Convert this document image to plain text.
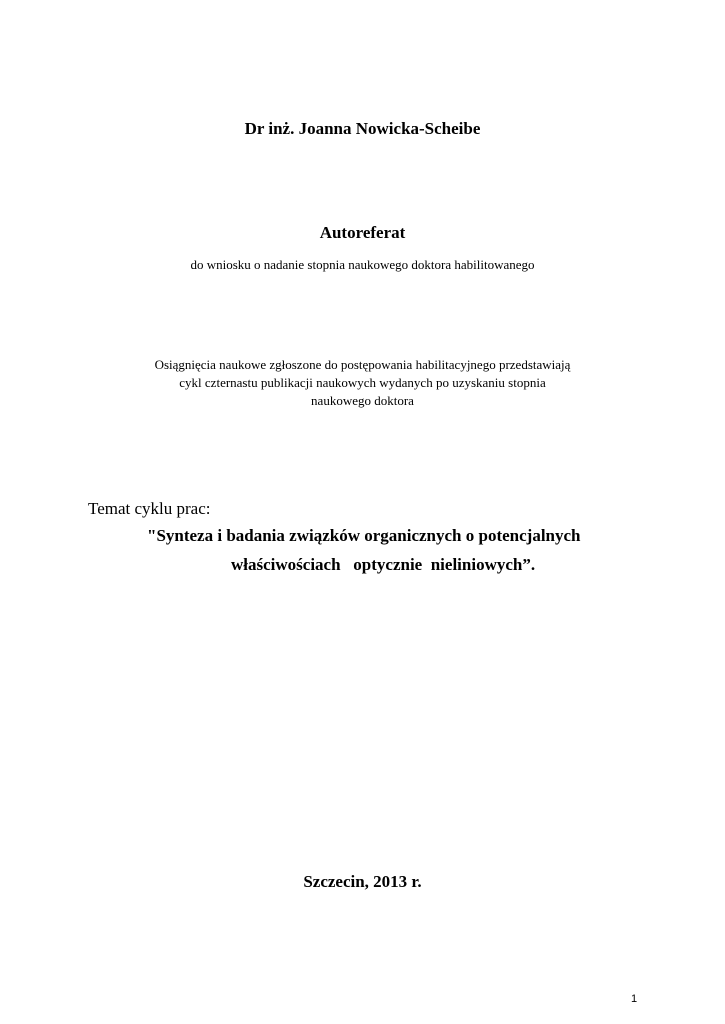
Dr inż. Joanna Nowicka-Scheibe
Autoreferat
do wniosku o nadanie stopnia naukowego doktora habilitowanego
Osiągnięcia naukowe zgłoszone do postępowania habilitacyjnego przedstawiają
cykl czternastu publikacji naukowych wydanych po uzyskaniu stopnia
naukowego doktora
Temat cyklu prac:
"Synteza i badania związków organicznych o potencjalnych
właściwościach   optycznie  nieliniowych”.
Szczecin, 2013 r.
1
